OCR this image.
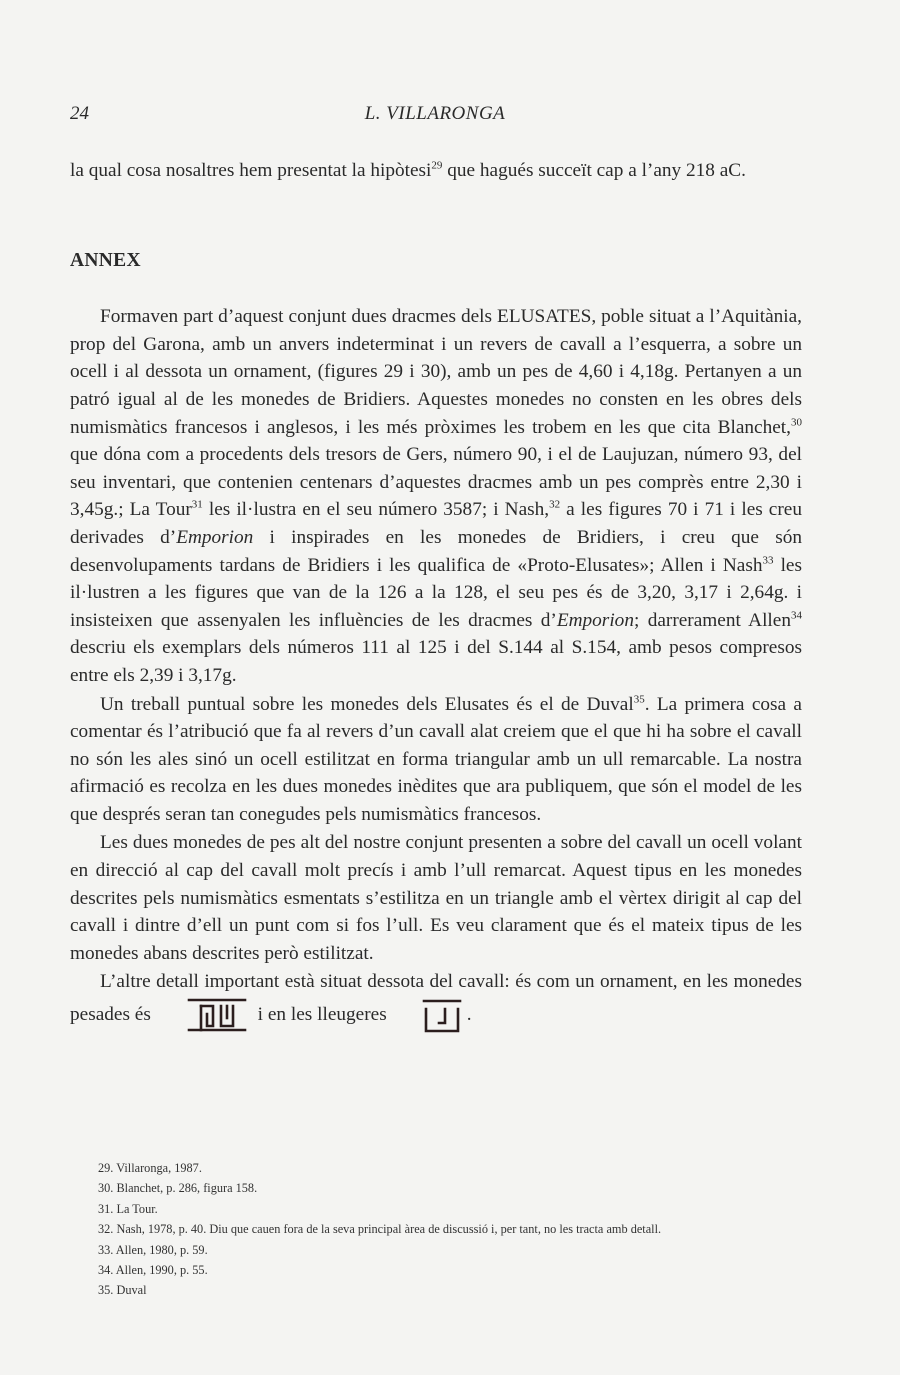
24	L. VILLARONGA

la qual cosa nosaltres hem presentat la hipòtesi$^{29}$ que hagués succeït cap a l’any 218 aC.

ANNEX

Formaven part d’aquest conjunt dues dracmes dels ELUSATES, poble situat a l’Aquitània, prop del Garona, amb un anvers indeterminat i un revers de cavall a l’esquerra, a sobre un ocell i al dessota un ornament, (figures 29 i 30), amb un pes de 4,60 i 4,18g. Pertanyen a un patró igual al de les monedes de Bridiers. Aquestes monedes no consten en les obres dels numismàtics francesos i anglesos, i les més pròximes les trobem en les que cita Blanchet,$^{30}$ que dóna com a procedents dels tresors de Gers, número 90, i el de Laujuzan, número 93, del seu inventari, que contenien centenars d’aquestes dracmes amb un pes comprès entre 2,30 i 3,45g.; La Tour$^{31}$ les il·lustra en el seu número 3587; i Nash,$^{32}$ a les figures 70 i 71 i les creu derivades d’Emporion i inspirades en les monedes de Bridiers, i creu que són desenvolupaments tardans de Bridiers i les qualifica de «Proto-Elusates»; Allen i Nash$^{33}$ les il·lustren a les figures que van de la 126 a la 128, el seu pes és de 3,20, 3,17 i 2,64g. i insisteixen que assenyalen les influències de les dracmes d’Emporion; darrerament Allen$^{34}$ descriu els exemplars dels números 111 al 125 i del S.144 al S.154, amb pesos compresos entre els 2,39 i 3,17g.

Un treball puntual sobre les monedes dels Elusates és el de Duval$^{35}$. La primera cosa a comentar és l’atribució que fa al revers d’un cavall alat creiem que el que hi ha sobre el cavall no són les ales sinó un ocell estilitzat en forma triangular amb un ull remarcable. La nostra afirmació es recolza en les dues monedes inèdites que ara publiquem, que són el model de les que després seran tan conegudes pels numismàtics francesos.

Les dues monedes de pes alt del nostre conjunt presenten a sobre del cavall un ocell volant en direcció al cap del cavall molt precís i amb l’ull remarcat. Aquest tipus en les monedes descrites pels numismàtics esmentats s’estilitza en un triangle amb el vèrtex dirigit al cap del cavall i dintre d’ell un punt com si fos l’ull. Es veu clarament que és el mateix tipus de les monedes abans descrites però estilitzat.

L’altre detall important està situat dessota del cavall: és com un ornament, en les monedes pesades és	i en les lleugeres	.

29. Villaronga, 1987.
30. Blanchet, p. 286, figura 158.
31. La Tour.
32. Nash, 1978, p. 40. Diu que cauen fora de la seva principal àrea de discussió i, per tant, no les tracta amb detall.
33. Allen, 1980, p. 59.
34. Allen, 1990, p. 55.
35. Duval
